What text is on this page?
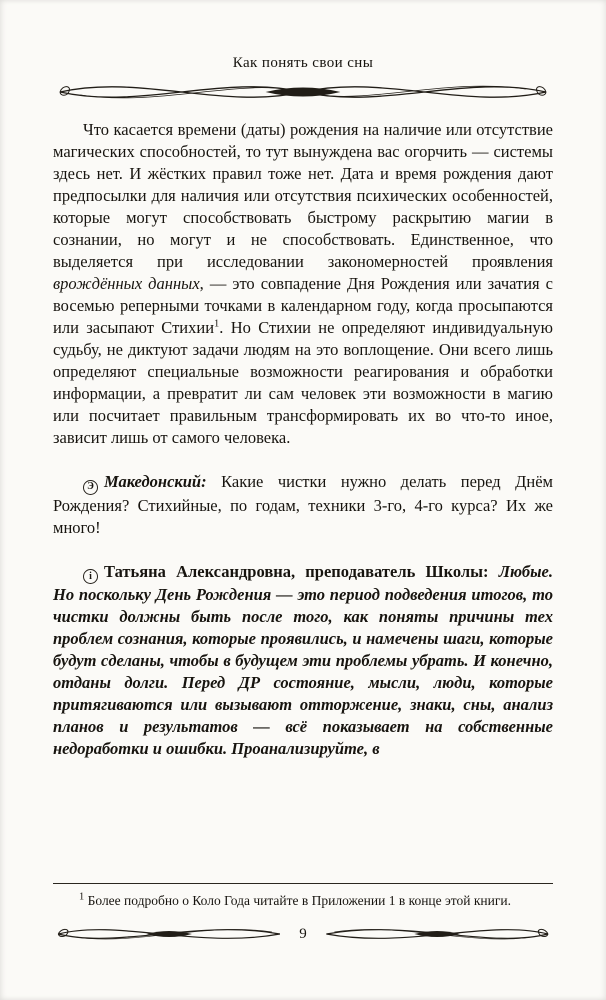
Как понять свои сны

Что касается времени (даты) рождения на наличие или отсутствие магических способностей, то тут вынуждена вас огорчить — системы здесь нет. И жёстких правил тоже нет. Дата и время рождения дают предпосылки для наличия или отсутствия психических особенностей, которые могут способствовать быстрому раскрытию магии в сознании, но могут и не способствовать. Единственное, что выделяется при исследовании закономерностей проявления врождённых данных, — это совпадение Дня Рождения или зачатия с восемью реперными точками в календарном году, когда просыпаются или засыпают Стихии$^1$. Но Стихии не определяют индивидуальную судьбу, не диктуют задачи людям на это воплощение. Они всего лишь определяют специальные возможности реагирования и обработки информации, а превратит ли сам человек эти возможности в магию или посчитает правильным трансформировать их во что-то иное, зависит лишь от самого человека.

Э Македонский: Какие чистки нужно делать перед Днём Рождения? Стихийные, по годам, техники 3-го, 4-го курса? Их же много!

i Татьяна Александровна, преподаватель Школы: Любые. Но поскольку День Рождения — это период подведения итогов, то чистки должны быть после того, как поняты причины тех проблем сознания, которые проявились, и намечены шаги, которые будут сделаны, чтобы в будущем эти проблемы убрать. И конечно, отданы долги. Перед ДР состояние, мысли, люди, которые притягиваются или вызывают отторжение, знаки, сны, анализ планов и результатов — всё показывает на собственные недоработки и ошибки. Проанализируйте, в

$^1$ Более подробно о Коло Года читайте в Приложении 1 в конце этой книги.

9
